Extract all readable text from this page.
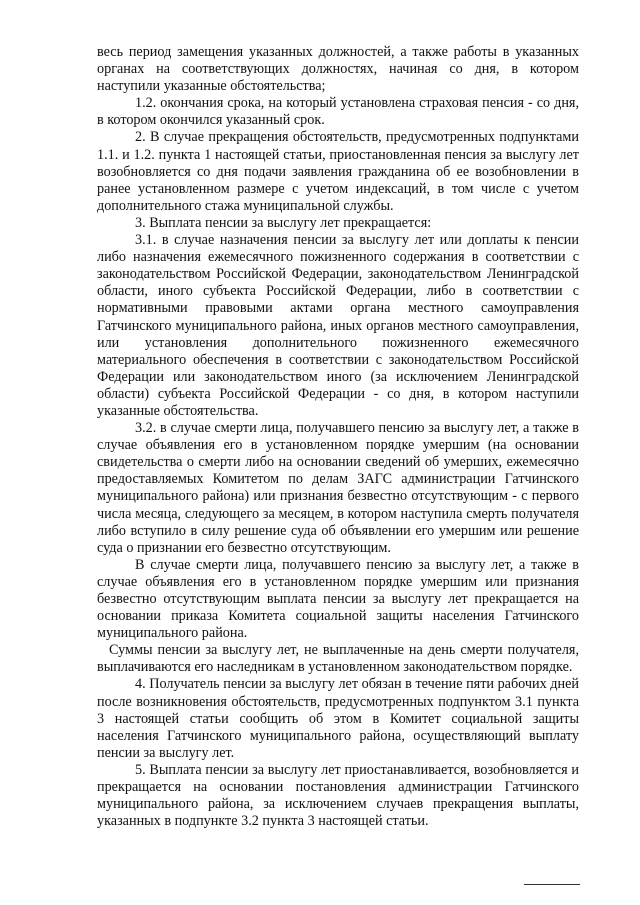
весь период замещения указанных должностей, а также работы в указанных органах на соответствующих должностях, начиная со дня, в котором наступили указанные обстоятельства;

1.2. окончания срока, на который установлена страховая пенсия - со дня, в котором окончился указанный срок.

2. В случае прекращения обстоятельств, предусмотренных подпунктами 1.1. и 1.2. пункта 1 настоящей статьи, приостановленная пенсия за выслугу лет возобновляется со дня подачи заявления гражданина об ее возобновлении в ранее установленном размере с учетом индексаций, в том числе с учетом дополнительного стажа муниципальной службы.

3. Выплата пенсии за выслугу лет прекращается:

3.1. в случае назначения пенсии за выслугу лет или доплаты к пенсии либо назначения ежемесячного пожизненного содержания в соответствии с законодательством Российской Федерации, законодательством Ленинградской области, иного субъекта Российской Федерации, либо в соответствии с нормативными правовыми актами органа местного самоуправления Гатчинского муниципального района, иных органов местного самоуправления, или установления дополнительного пожизненного ежемесячного материального обеспечения в соответствии с законодательством Российской Федерации или законодательством иного (за исключением Ленинградской области) субъекта Российской Федерации - со дня, в котором наступили указанные обстоятельства.

3.2. в случае смерти лица, получавшего пенсию за выслугу лет, а также в случае объявления его в установленном порядке умершим (на основании свидетельства о смерти либо на основании сведений об умерших, ежемесячно предоставляемых Комитетом по делам ЗАГС администрации Гатчинского муниципального района) или признания безвестно отсутствующим - с первого числа месяца, следующего за месяцем, в котором наступила смерть получателя либо вступило в силу решение суда об объявлении его умершим или решение суда о признании его безвестно отсутствующим.

В случае смерти лица, получавшего пенсию за выслугу лет, а также в случае объявления его в установленном порядке умершим или признания безвестно отсутствующим выплата пенсии за выслугу лет прекращается на основании приказа Комитета социальной защиты населения Гатчинского муниципального района.

Суммы пенсии за выслугу лет, не выплаченные на день смерти получателя, выплачиваются его наследникам в установленном законодательством порядке.

4. Получатель пенсии за выслугу лет обязан в течение пяти рабочих дней после возникновения обстоятельств, предусмотренных подпунктом 3.1 пункта 3 настоящей статьи сообщить об этом в Комитет социальной защиты населения Гатчинского муниципального района, осуществляющий выплату пенсии за выслугу лет.

5. Выплата пенсии за выслугу лет приостанавливается, возобновляется и прекращается на основании постановления администрации Гатчинского муниципального района, за исключением случаев прекращения выплаты, указанных в подпункте 3.2 пункта 3 настоящей статьи.
